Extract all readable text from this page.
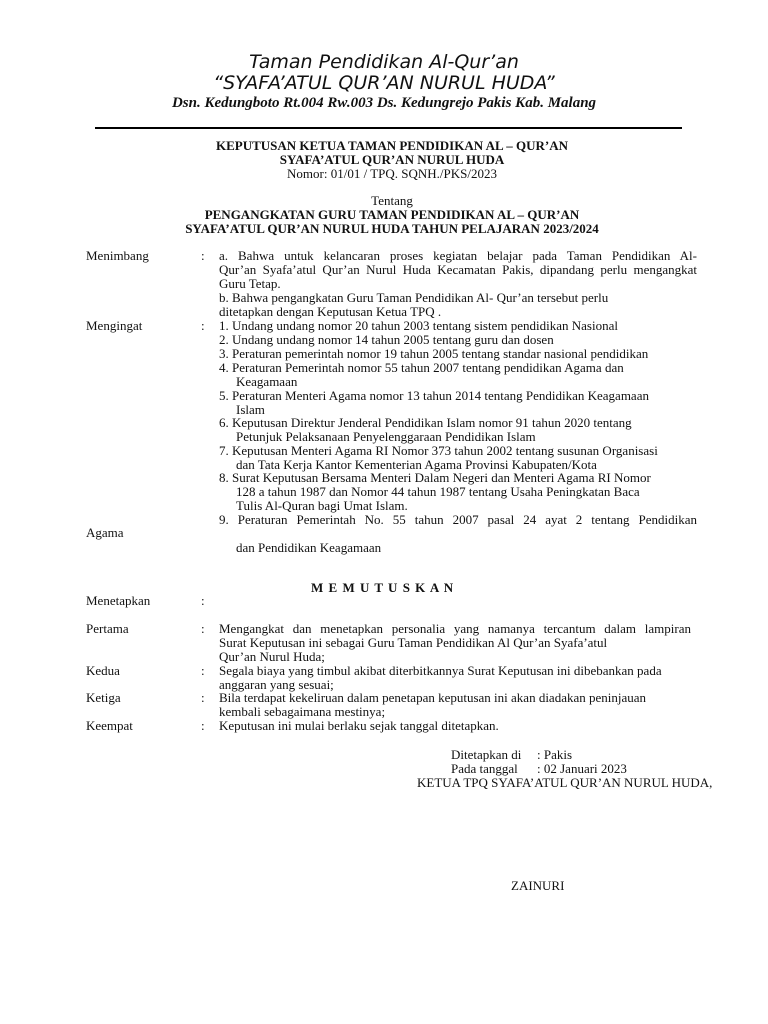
Taman Pendidikan Al-Qur’an
“SYAFA’ATUL QUR’AN NURUL HUDA”
Dsn. Kedungboto Rt.004 Rw.003 Ds. Kedungrejo Pakis Kab. Malang
KEPUTUSAN KETUA TAMAN PENDIDIKAN AL – QUR’AN
SYAFA’ATUL QUR’AN NURUL HUDA
Nomor: 01/01 / TPQ. SQNH./PKS/2023
Tentang
PENGANGKATAN GURU TAMAN PENDIDIKAN AL – QUR’AN
SYAFA’ATUL QUR’AN NURUL HUDA TAHUN PELAJARAN 2023/2024
Menimbang	: a. Bahwa untuk kelancaran proses kegiatan belajar pada Taman Pendidikan Al-
Qur’an Syafa’atul Qur’an Nurul Huda Kecamatan Pakis, dipandang perlu mengangkat
Guru Tetap.
b. Bahwa pengangkatan Guru Taman Pendidikan Al- Qur’an tersebut perlu
ditetapkan dengan Keputusan Ketua TPQ .
Mengingat	: 1. Undang undang nomor 20 tahun 2003 tentang sistem pendidikan Nasional
2. Undang undang nomor 14 tahun 2005 tentang guru dan dosen
3. Peraturan pemerintah nomor 19 tahun 2005 tentang standar nasional pendidikan
4. Peraturan Pemerintah nomor 55 tahun 2007 tentang pendidikan Agama dan
Keagamaan
5. Peraturan Menteri Agama nomor 13 tahun 2014 tentang Pendidikan Keagamaan
Islam
6. Keputusan Direktur Jenderal Pendidikan Islam nomor 91 tahun 2020 tentang
Petunjuk Pelaksanaan Penyelenggaraan Pendidikan Islam
7. Keputusan Menteri Agama RI Nomor 373 tahun 2002 tentang susunan Organisasi
dan Tata Kerja Kantor Kementerian Agama Provinsi Kabupaten/Kota
8. Surat Keputusan Bersama Menteri Dalam Negeri dan Menteri Agama RI Nomor
128 a tahun 1987 dan Nomor 44 tahun 1987 tentang Usaha Peningkatan Baca
Tulis Al-Quran bagi Umat Islam.
9. Peraturan Pemerintah No. 55 tahun 2007 pasal 24 ayat 2 tentang Pendidikan
Agama
dan Pendidikan Keagamaan
M E M U T U S K A N
Menetapkan	:
Pertama	: Mengangkat dan menetapkan personalia yang namanya tercantum dalam lampiran
Surat Keputusan ini sebagai Guru Taman Pendidikan Al Qur’an Syafa’atul
Qur’an Nurul Huda;
Kedua	: Segala biaya yang timbul akibat diterbitkannya Surat Keputusan ini dibebankan pada
anggaran yang sesuai;
Ketiga	: Bila terdapat kekeliruan dalam penetapan keputusan ini akan diadakan peninjauan
kembali sebagaimana mestinya;
Keempat	: Keputusan ini mulai berlaku sejak tanggal ditetapkan.
Ditetapkan di : Pakis
Pada tanggal : 02 Januari 2023
KETUA TPQ SYAFA’ATUL QUR’AN NURUL HUDA,
ZAINURI
